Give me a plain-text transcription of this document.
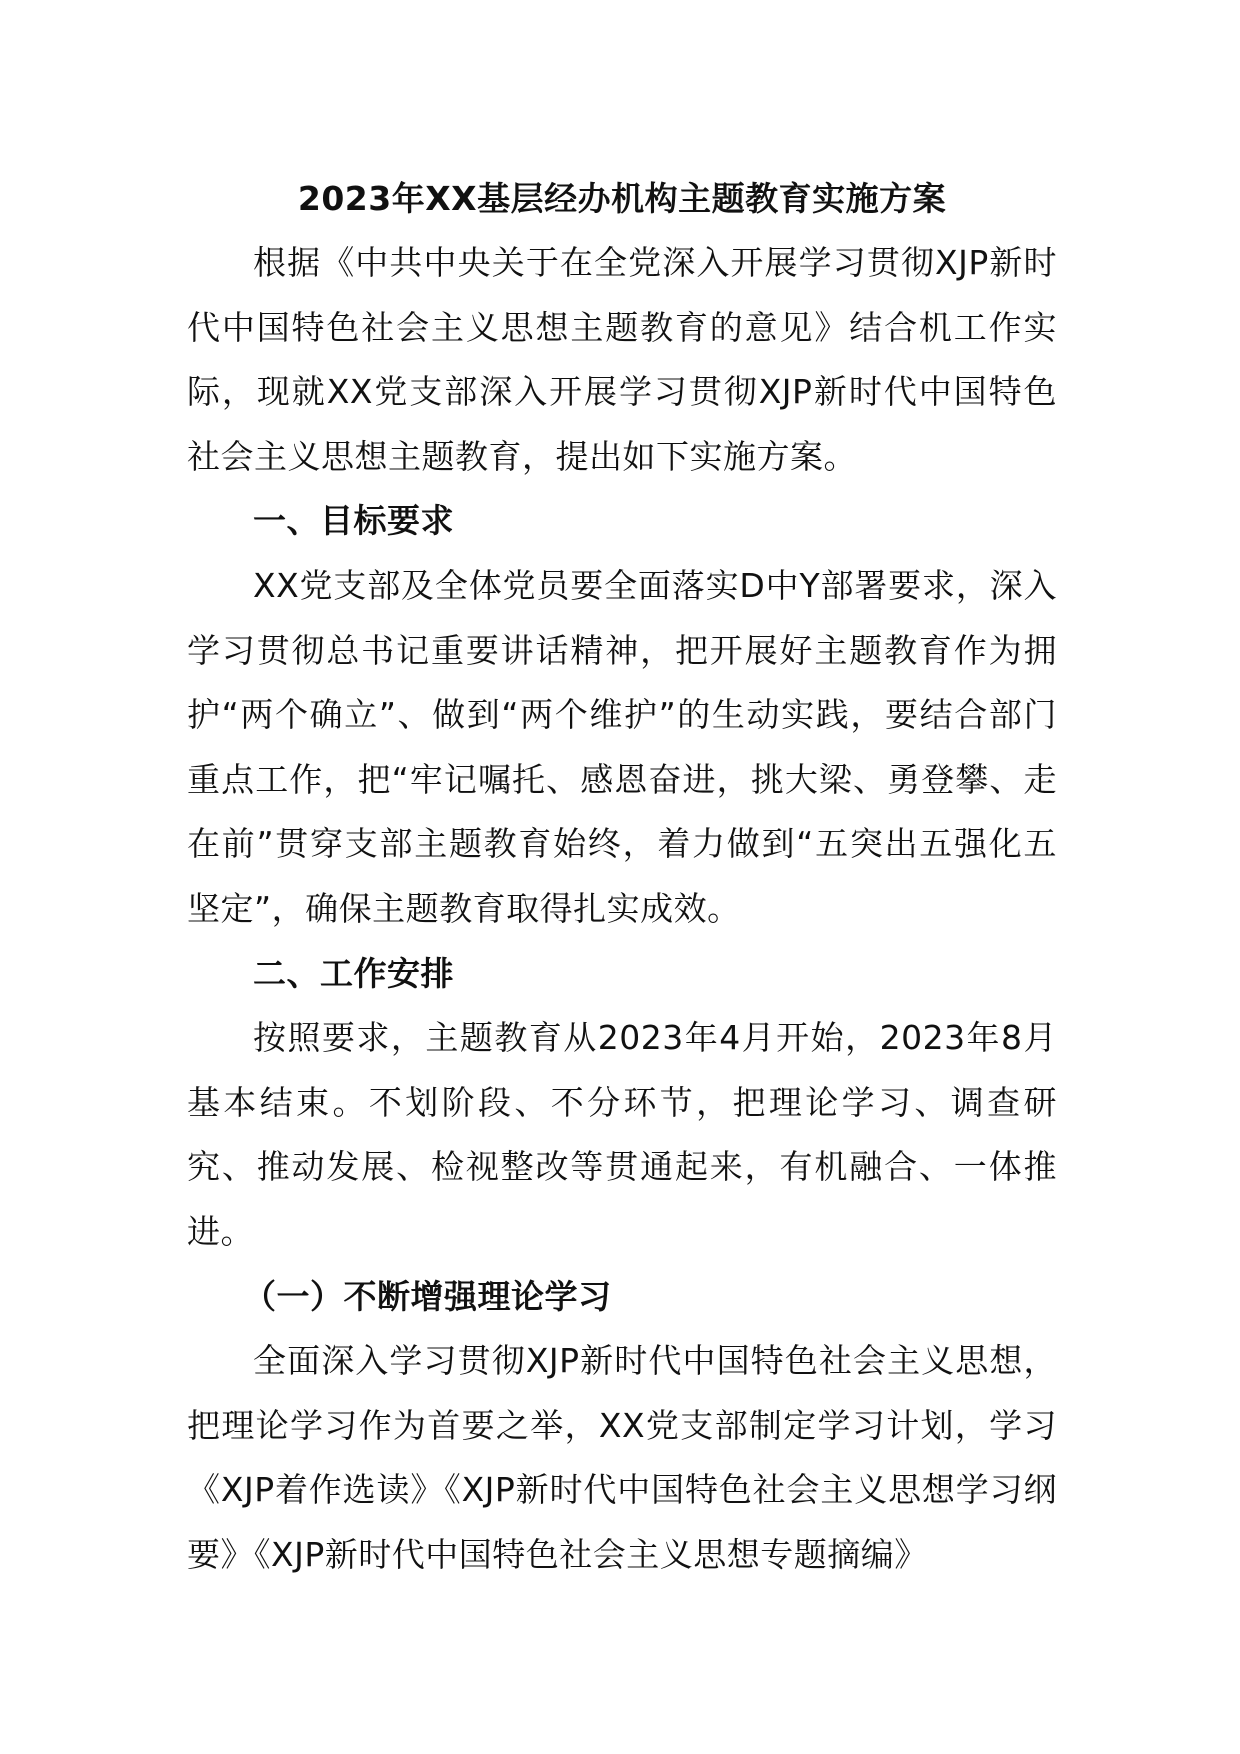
2023年XX基层经办机构主题教育实施方案

根据《中共中央关于在全党深入开展学习贯彻XJP新时代中国特色社会主义思想主题教育的意见》结合机工作实际，现就XX党支部深入开展学习贯彻XJP新时代中国特色社会主义思想主题教育，提出如下实施方案。

一、目标要求

XX党支部及全体党员要全面落实D中Y部署要求，深入学习贯彻总书记重要讲话精神，把开展好主题教育作为拥护“两个确立”、做到“两个维护”的生动实践，要结合部门重点工作，把“牢记嘱托、感恩奋进，挑大梁、勇登攀、走在前”贯穿支部主题教育始终，着力做到“五突出五强化五坚定”，确保主题教育取得扎实成效。

二、工作安排

按照要求，主题教育从2023年4月开始，2023年8月基本结束。不划阶段、不分环节，把理论学习、调查研究、推动发展、检视整改等贯通起来，有机融合、一体推进。

（一）不断增强理论学习

全面深入学习贯彻XJP新时代中国特色社会主义思想，把理论学习作为首要之举，XX党支部制定学习计划，学习《XJP着作选读》《XJP新时代中国特色社会主义思想学习纲要》《XJP新时代中国特色社会主义思想专题摘编》
